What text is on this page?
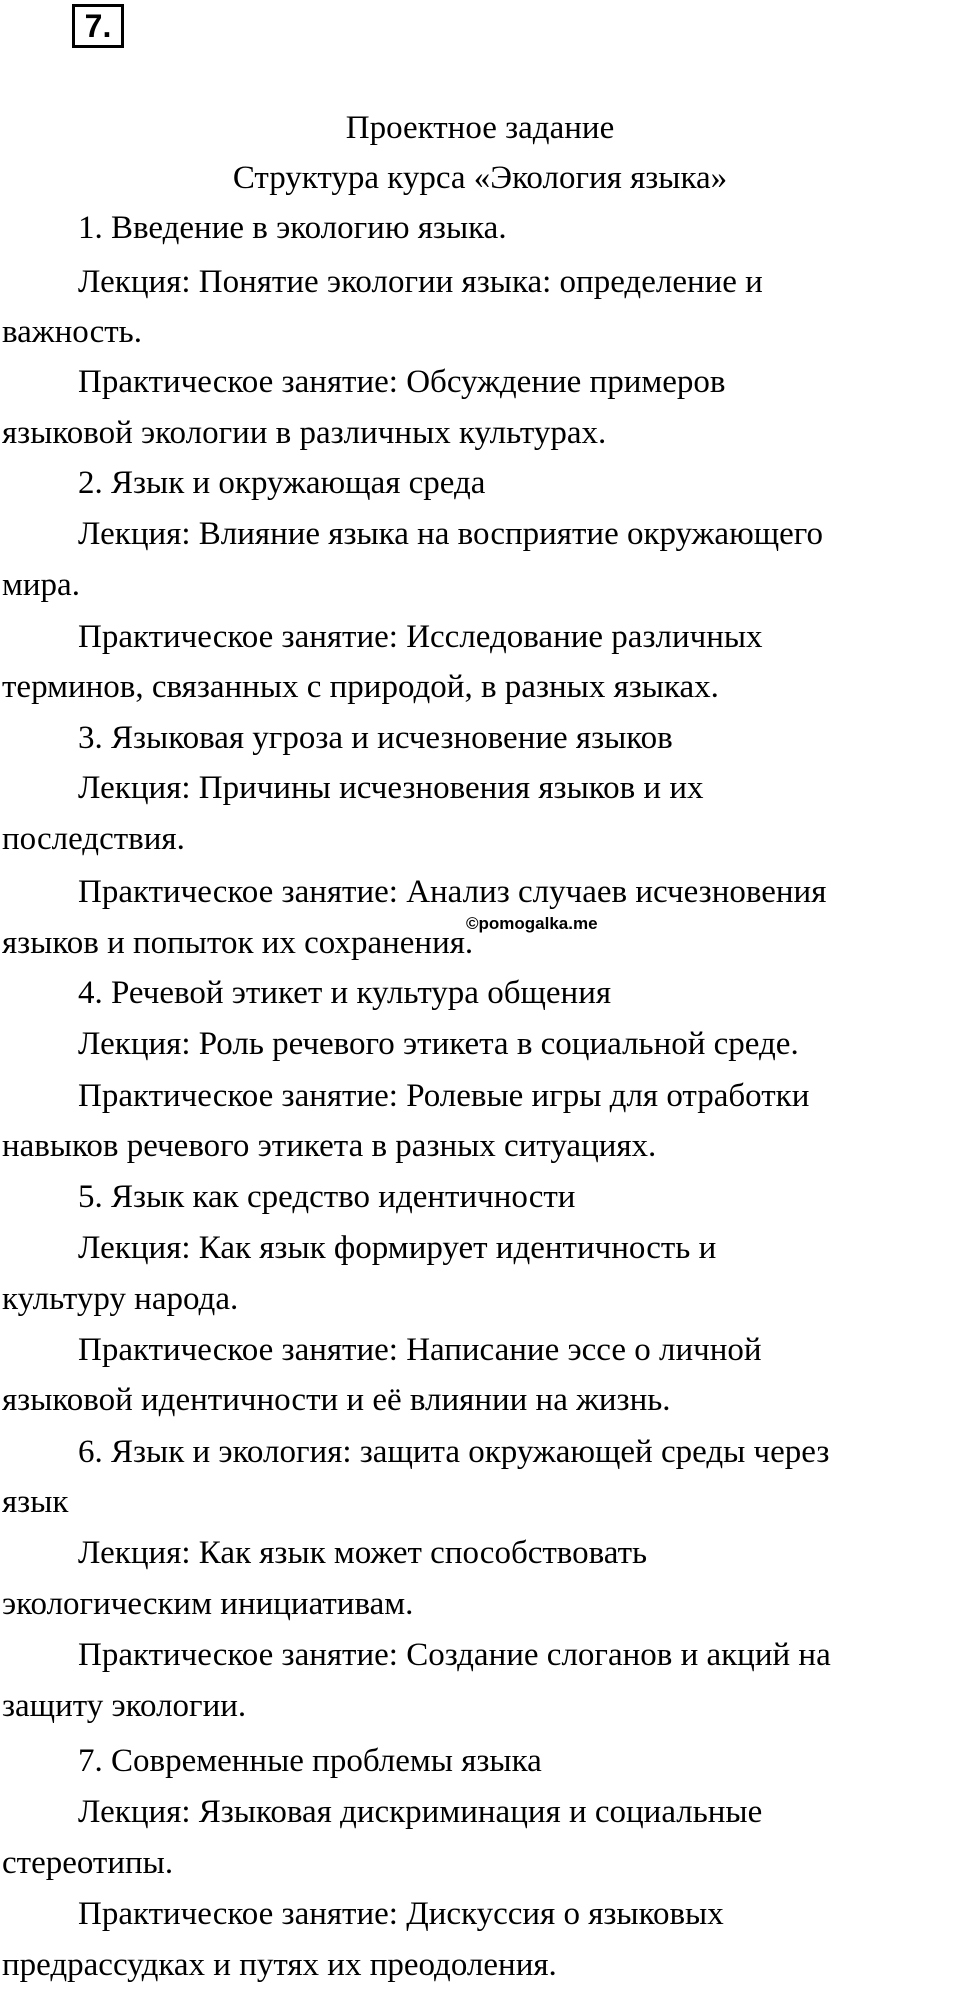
7.
Проектное задание
Структура курса «Экология языка»
1. Введение в экологию языка.
Лекция: Понятие экологии языка: определение и
важность.
Практическое занятие: Обсуждение примеров
языковой экологии в различных культурах.
2. Язык и окружающая среда
Лекция: Влияние языка на восприятие окружающего
мира.
Практическое занятие: Исследование различных
терминов, связанных с природой, в разных языках.
3. Языковая угроза и исчезновение языков
Лекция: Причины исчезновения языков и их
последствия.
Практическое занятие: Анализ случаев исчезновения
языков и попыток их сохранения.
©pomogalka.me
4. Речевой этикет и культура общения
Лекция: Роль речевого этикета в социальной среде.
Практическое занятие: Ролевые игры для отработки
навыков речевого этикета в разных ситуациях.
5. Язык как средство идентичности
Лекция: Как язык формирует идентичность и
культуру народа.
Практическое занятие: Написание эссе о личной
языковой идентичности и её влиянии на жизнь.
6. Язык и экология: защита окружающей среды через
язык
Лекция: Как язык может способствовать
экологическим инициативам.
Практическое занятие: Создание слоганов и акций на
защиту экологии.
7. Современные проблемы языка
Лекция: Языковая дискриминация и социальные
стереотипы.
Практическое занятие: Дискуссия о языковых
предрассудках и путях их преодоления.
